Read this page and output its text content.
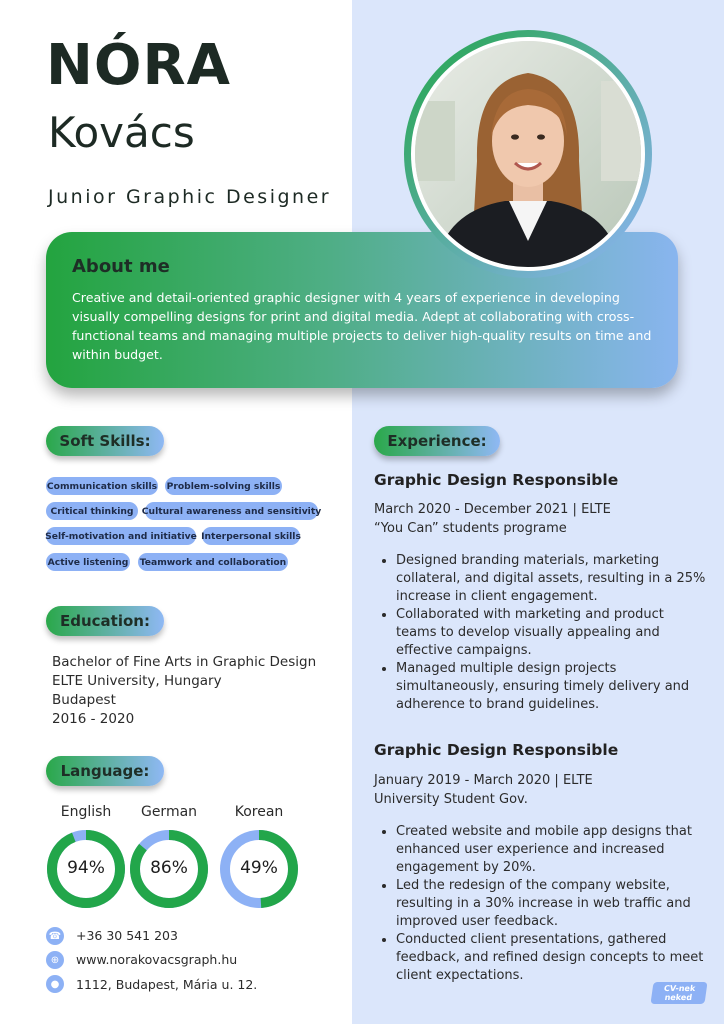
NÓRA
Kovács
Junior Graphic Designer
About me
Creative and detail-oriented graphic designer with 4 years of experience in developing visually compelling designs for print and digital media. Adept at collaborating with cross-functional teams and managing multiple projects to deliver high-quality results on time and within budget.
Soft Skills:
Communication skills Problem-solving skills
Critical thinking Cultural awareness and sensitivity
Self-motivation and initiative Interpersonal skills
Active listening Teamwork and collaboration
Education:
Bachelor of Fine Arts in Graphic Design
ELTE University, Hungary
Budapest
2016 - 2020
Language:
English	German	Korean
94%	86%	49%
☎ +36 30 541 203
⊕	www.norakovacsgraph.hu
●	1112, Budapest, Mária u. 12.
Experience:
Graphic Design Responsible
March 2020 - December 2021 | ELTE
“You Can” students programe
• Designed branding materials, marketing collateral, and digital assets, resulting in a 25% increase in client engagement.
• Collaborated with marketing and product teams to develop visually appealing and effective campaigns.
• Managed multiple design projects simultaneously, ensuring timely delivery and adherence to brand guidelines.
Graphic Design Responsible
January 2019 - March 2020 | ELTE
University Student Gov.
• Created website and mobile app designs that enhanced user experience and increased engagement by 20%.
• Led the redesign of the company website, resulting in a 30% increase in web traffic and improved user feedback.
• Conducted client presentations, gathered feedback, and refined design concepts to meet client expectations.
CV-nek
neked
